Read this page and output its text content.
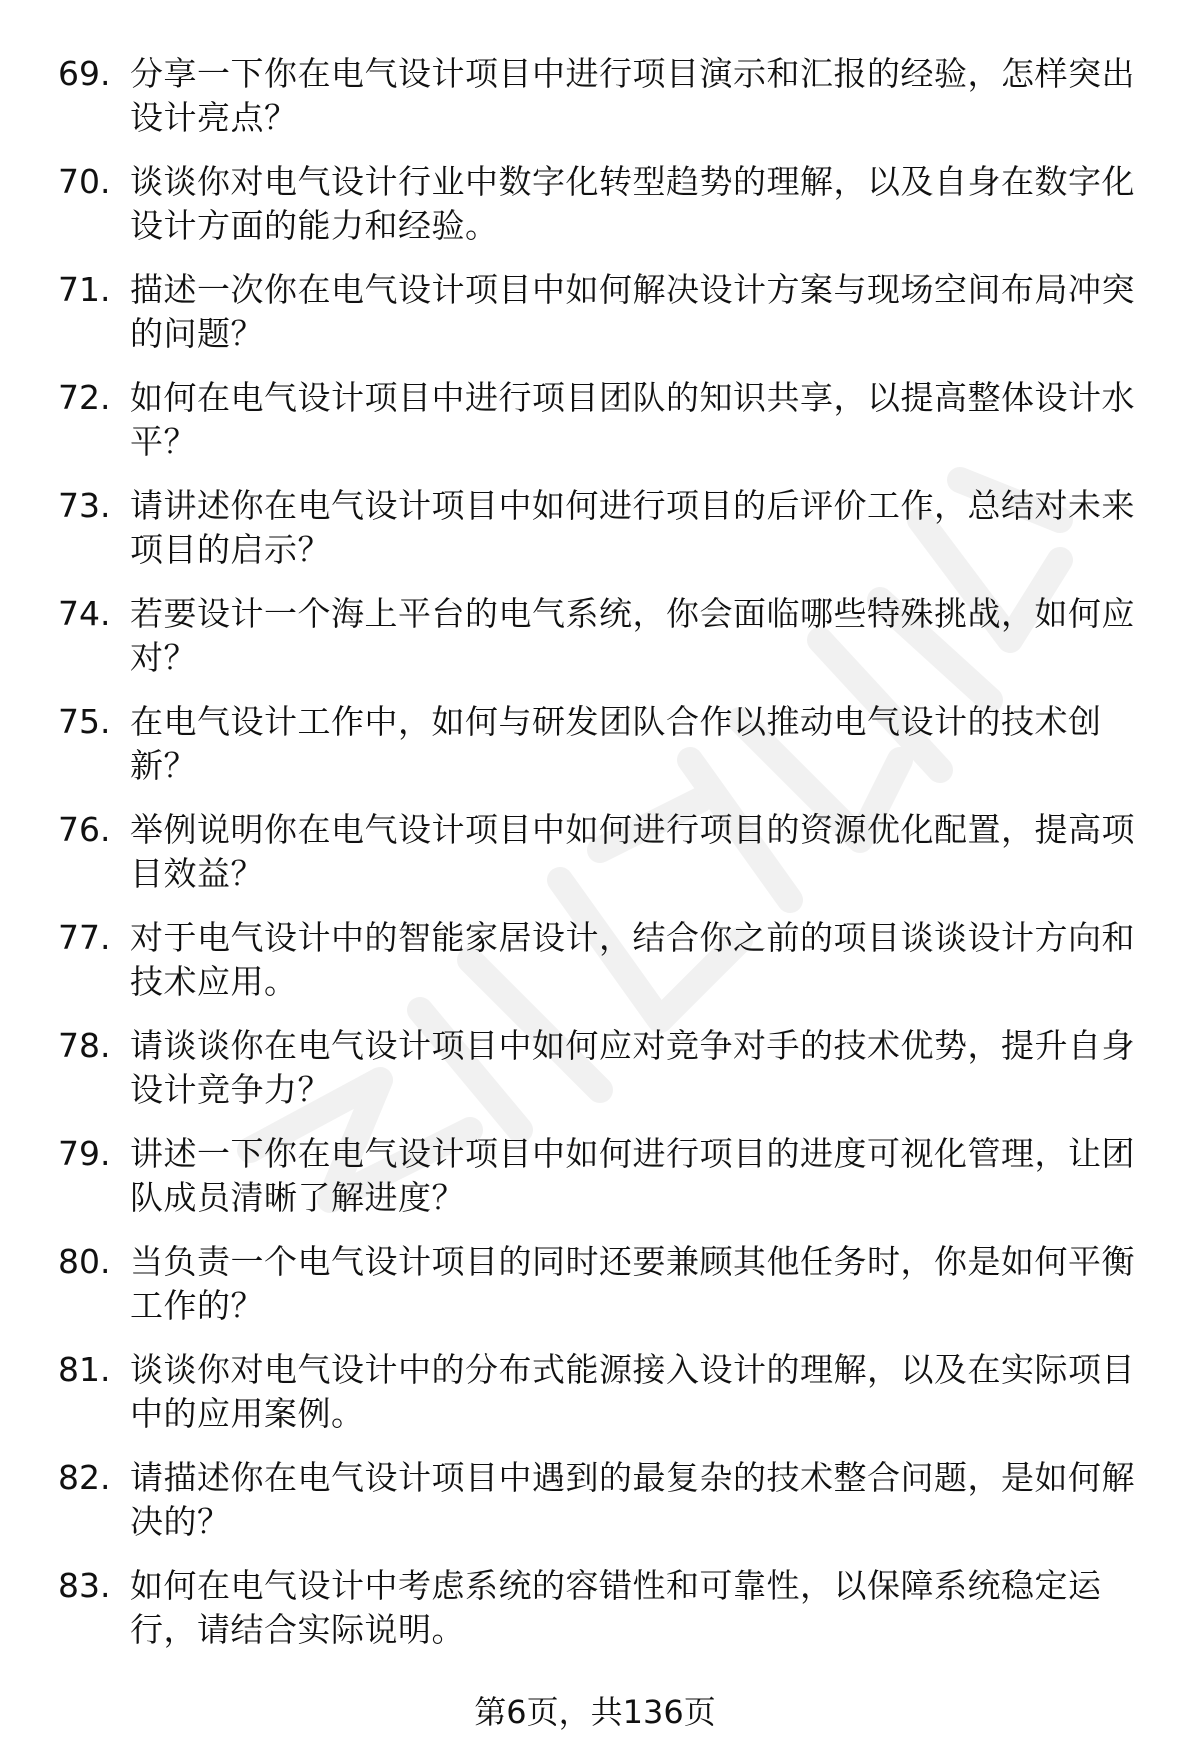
69. 分享一下你在电气设计项目中进行项目演示和汇报的经验，怎样突出设计亮点？
70. 谈谈你对电气设计行业中数字化转型趋势的理解，以及自身在数字化设计方面的能力和经验。
71. 描述一次你在电气设计项目中如何解决设计方案与现场空间布局冲突的问题？
72. 如何在电气设计项目中进行项目团队的知识共享，以提高整体设计水平？
73. 请讲述你在电气设计项目中如何进行项目的后评价工作，总结对未来项目的启示？
74. 若要设计一个海上平台的电气系统，你会面临哪些特殊挑战，如何应对？
75. 在电气设计工作中，如何与研发团队合作以推动电气设计的技术创新？
76. 举例说明你在电气设计项目中如何进行项目的资源优化配置，提高项目效益？
77. 对于电气设计中的智能家居设计，结合你之前的项目谈谈设计方向和技术应用。
78. 请谈谈你在电气设计项目中如何应对竞争对手的技术优势，提升自身设计竞争力？
79. 讲述一下你在电气设计项目中如何进行项目的进度可视化管理，让团队成员清晰了解进度？
80. 当负责一个电气设计项目的同时还要兼顾其他任务时，你是如何平衡工作的？
81. 谈谈你对电气设计中的分布式能源接入设计的理解，以及在实际项目中的应用案例。
82. 请描述你在电气设计项目中遇到的最复杂的技术整合问题，是如何解决的？
83. 如何在电气设计中考虑系统的容错性和可靠性，以保障系统稳定运行，请结合实际说明。
第6页，共136页
